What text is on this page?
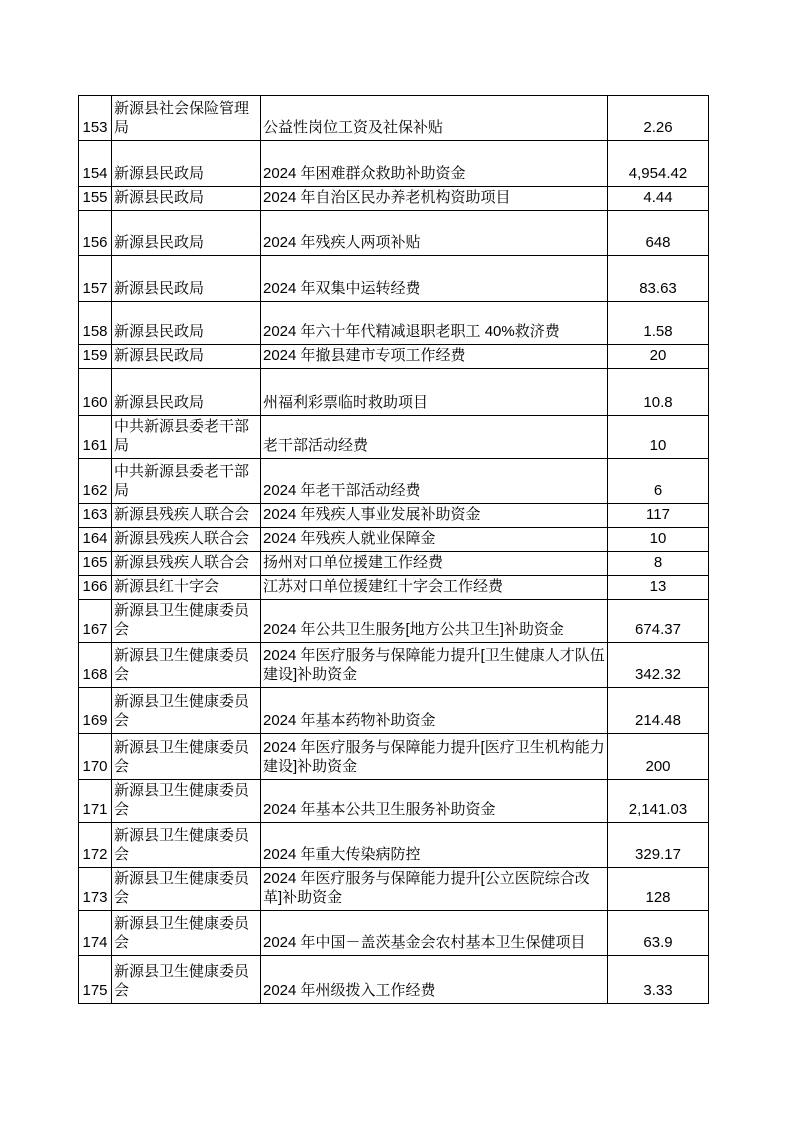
153	新源县社会保险管理局	公益性岗位工资及社保补贴	2.26
154	新源县民政局	2024 年困难群众救助补助资金	4,954.42
155	新源县民政局	2024 年自治区民办养老机构资助项目	4.44
156	新源县民政局	2024 年残疾人两项补贴	648
157	新源县民政局	2024 年双集中运转经费	83.63
158	新源县民政局	2024 年六十年代精减退职老职工 40%救济费	1.58
159	新源县民政局	2024 年撤县建市专项工作经费	20
160	新源县民政局	州福利彩票临时救助项目	10.8
161	中共新源县委老干部局	老干部活动经费	10
162	中共新源县委老干部局	2024 年老干部活动经费	6
163	新源县残疾人联合会	2024 年残疾人事业发展补助资金	117
164	新源县残疾人联合会	2024 年残疾人就业保障金	10
165	新源县残疾人联合会	扬州对口单位援建工作经费	8
166	新源县红十字会	江苏对口单位援建红十字会工作经费	13
167	新源县卫生健康委员会	2024 年公共卫生服务[地方公共卫生]补助资金	674.37
168	新源县卫生健康委员会	2024 年医疗服务与保障能力提升[卫生健康人才队伍建设]补助资金	342.32
169	新源县卫生健康委员会	2024 年基本药物补助资金	214.48
170	新源县卫生健康委员会	2024 年医疗服务与保障能力提升[医疗卫生机构能力建设]补助资金	200
171	新源县卫生健康委员会	2024 年基本公共卫生服务补助资金	2,141.03
172	新源县卫生健康委员会	2024 年重大传染病防控	329.17
173	新源县卫生健康委员会	2024 年医疗服务与保障能力提升[公立医院综合改革]补助资金	128
174	新源县卫生健康委员会	2024 年中国－盖茨基金会农村基本卫生保健项目	63.9
175	新源县卫生健康委员会	2024 年州级拨入工作经费	3.33
